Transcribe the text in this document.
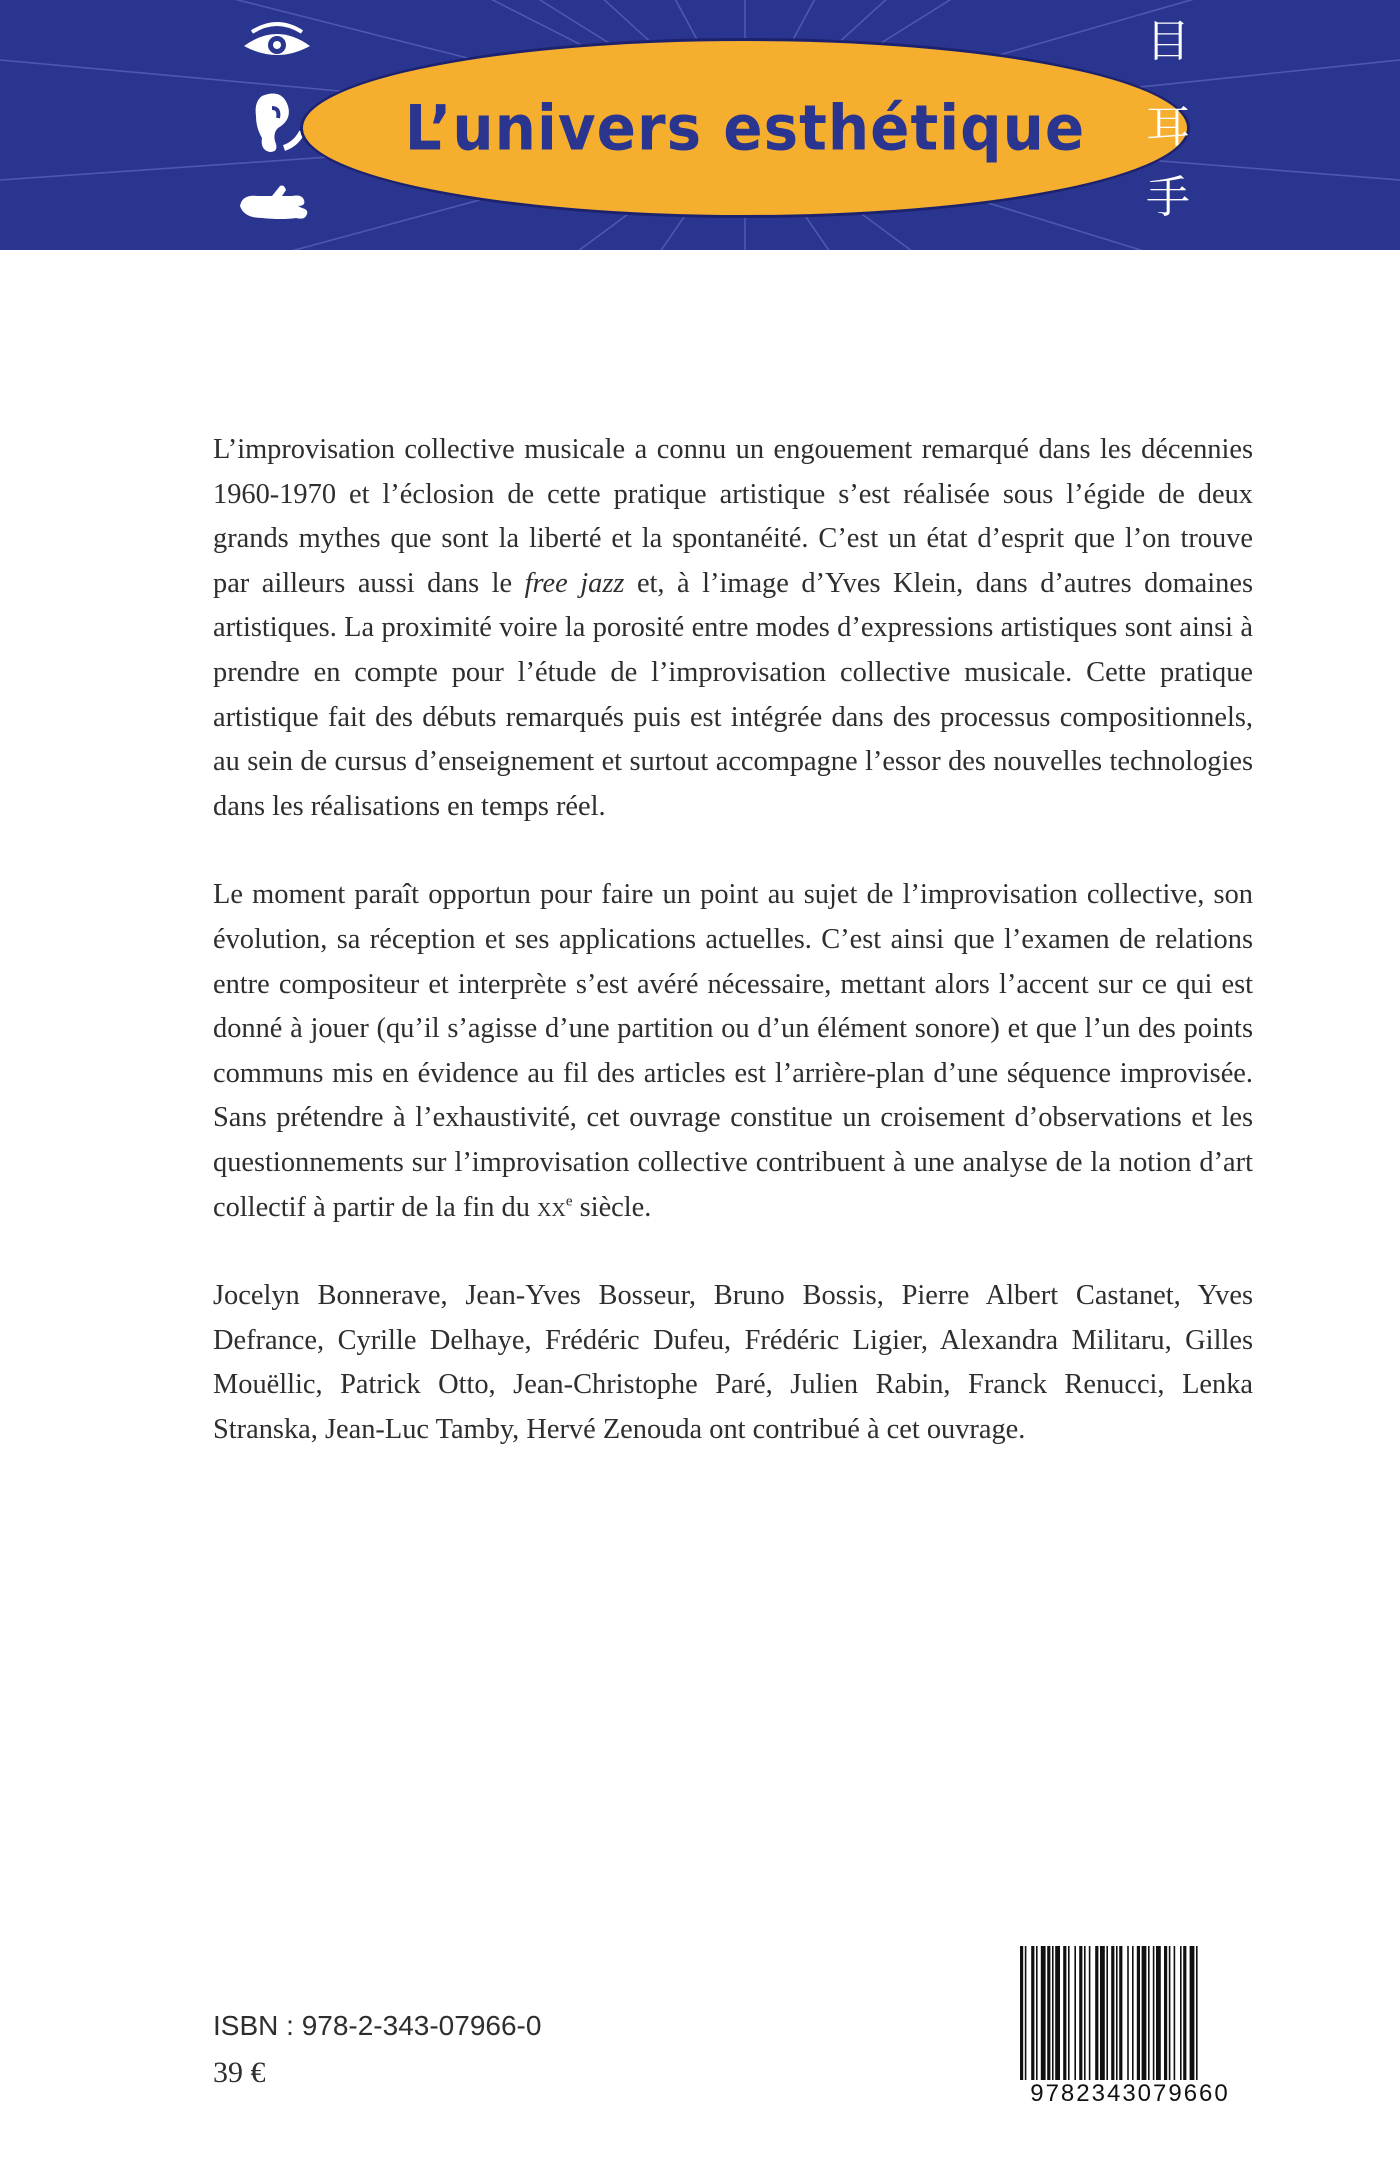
L’univers esthétique
目
耳
手

L’improvisation collective musicale a connu un engouement remarqué dans les décennies 1960-1970 et l’éclosion de cette pratique artistique s’est réalisée sous l’égide de deux grands mythes que sont la liberté et la spontanéité. C’est un état d’esprit que l’on trouve par ailleurs aussi dans le free jazz et, à l’image d’Yves Klein, dans d’autres domaines artistiques. La proximité voire la porosité entre modes d’expressions artistiques sont ainsi à prendre en compte pour l’étude de l’improvisation collective musicale. Cette pratique artistique fait des débuts remarqués puis est intégrée dans des processus compositionnels, au sein de cursus d’enseignement et surtout accompagne l’essor des nouvelles technologies dans les réalisations en temps réel.

Le moment paraît opportun pour faire un point au sujet de l’improvisation collective, son évolution, sa réception et ses applications actuelles. C’est ainsi que l’examen de relations entre compositeur et interprète s’est avéré nécessaire, mettant alors l’accent sur ce qui est donné à jouer (qu’il s’agisse d’une partition ou d’un élément sonore) et que l’un des points communs mis en évidence au fil des articles est l’arrière-plan d’une séquence improvisée. Sans prétendre à l’exhaustivité, cet ouvrage constitue un croisement d’observations et les questionnements sur l’improvisation collective contribuent à une analyse de la notion d’art collectif à partir de la fin du $xx^e$ siècle.

Jocelyn Bonnerave, Jean-Yves Bosseur, Bruno Bossis, Pierre Albert Castanet, Yves Defrance, Cyrille Delhaye, Frédéric Dufeu, Frédéric Ligier, Alexandra Militaru, Gilles Mouëllic, Patrick Otto, Jean-Christophe Paré, Julien Rabin, Franck Renucci, Lenka Stranska, Jean-Luc Tamby, Hervé Zenouda ont contribué à cet ouvrage.

ISBN : 978-2-343-07966-0
39 €
9782343079660
